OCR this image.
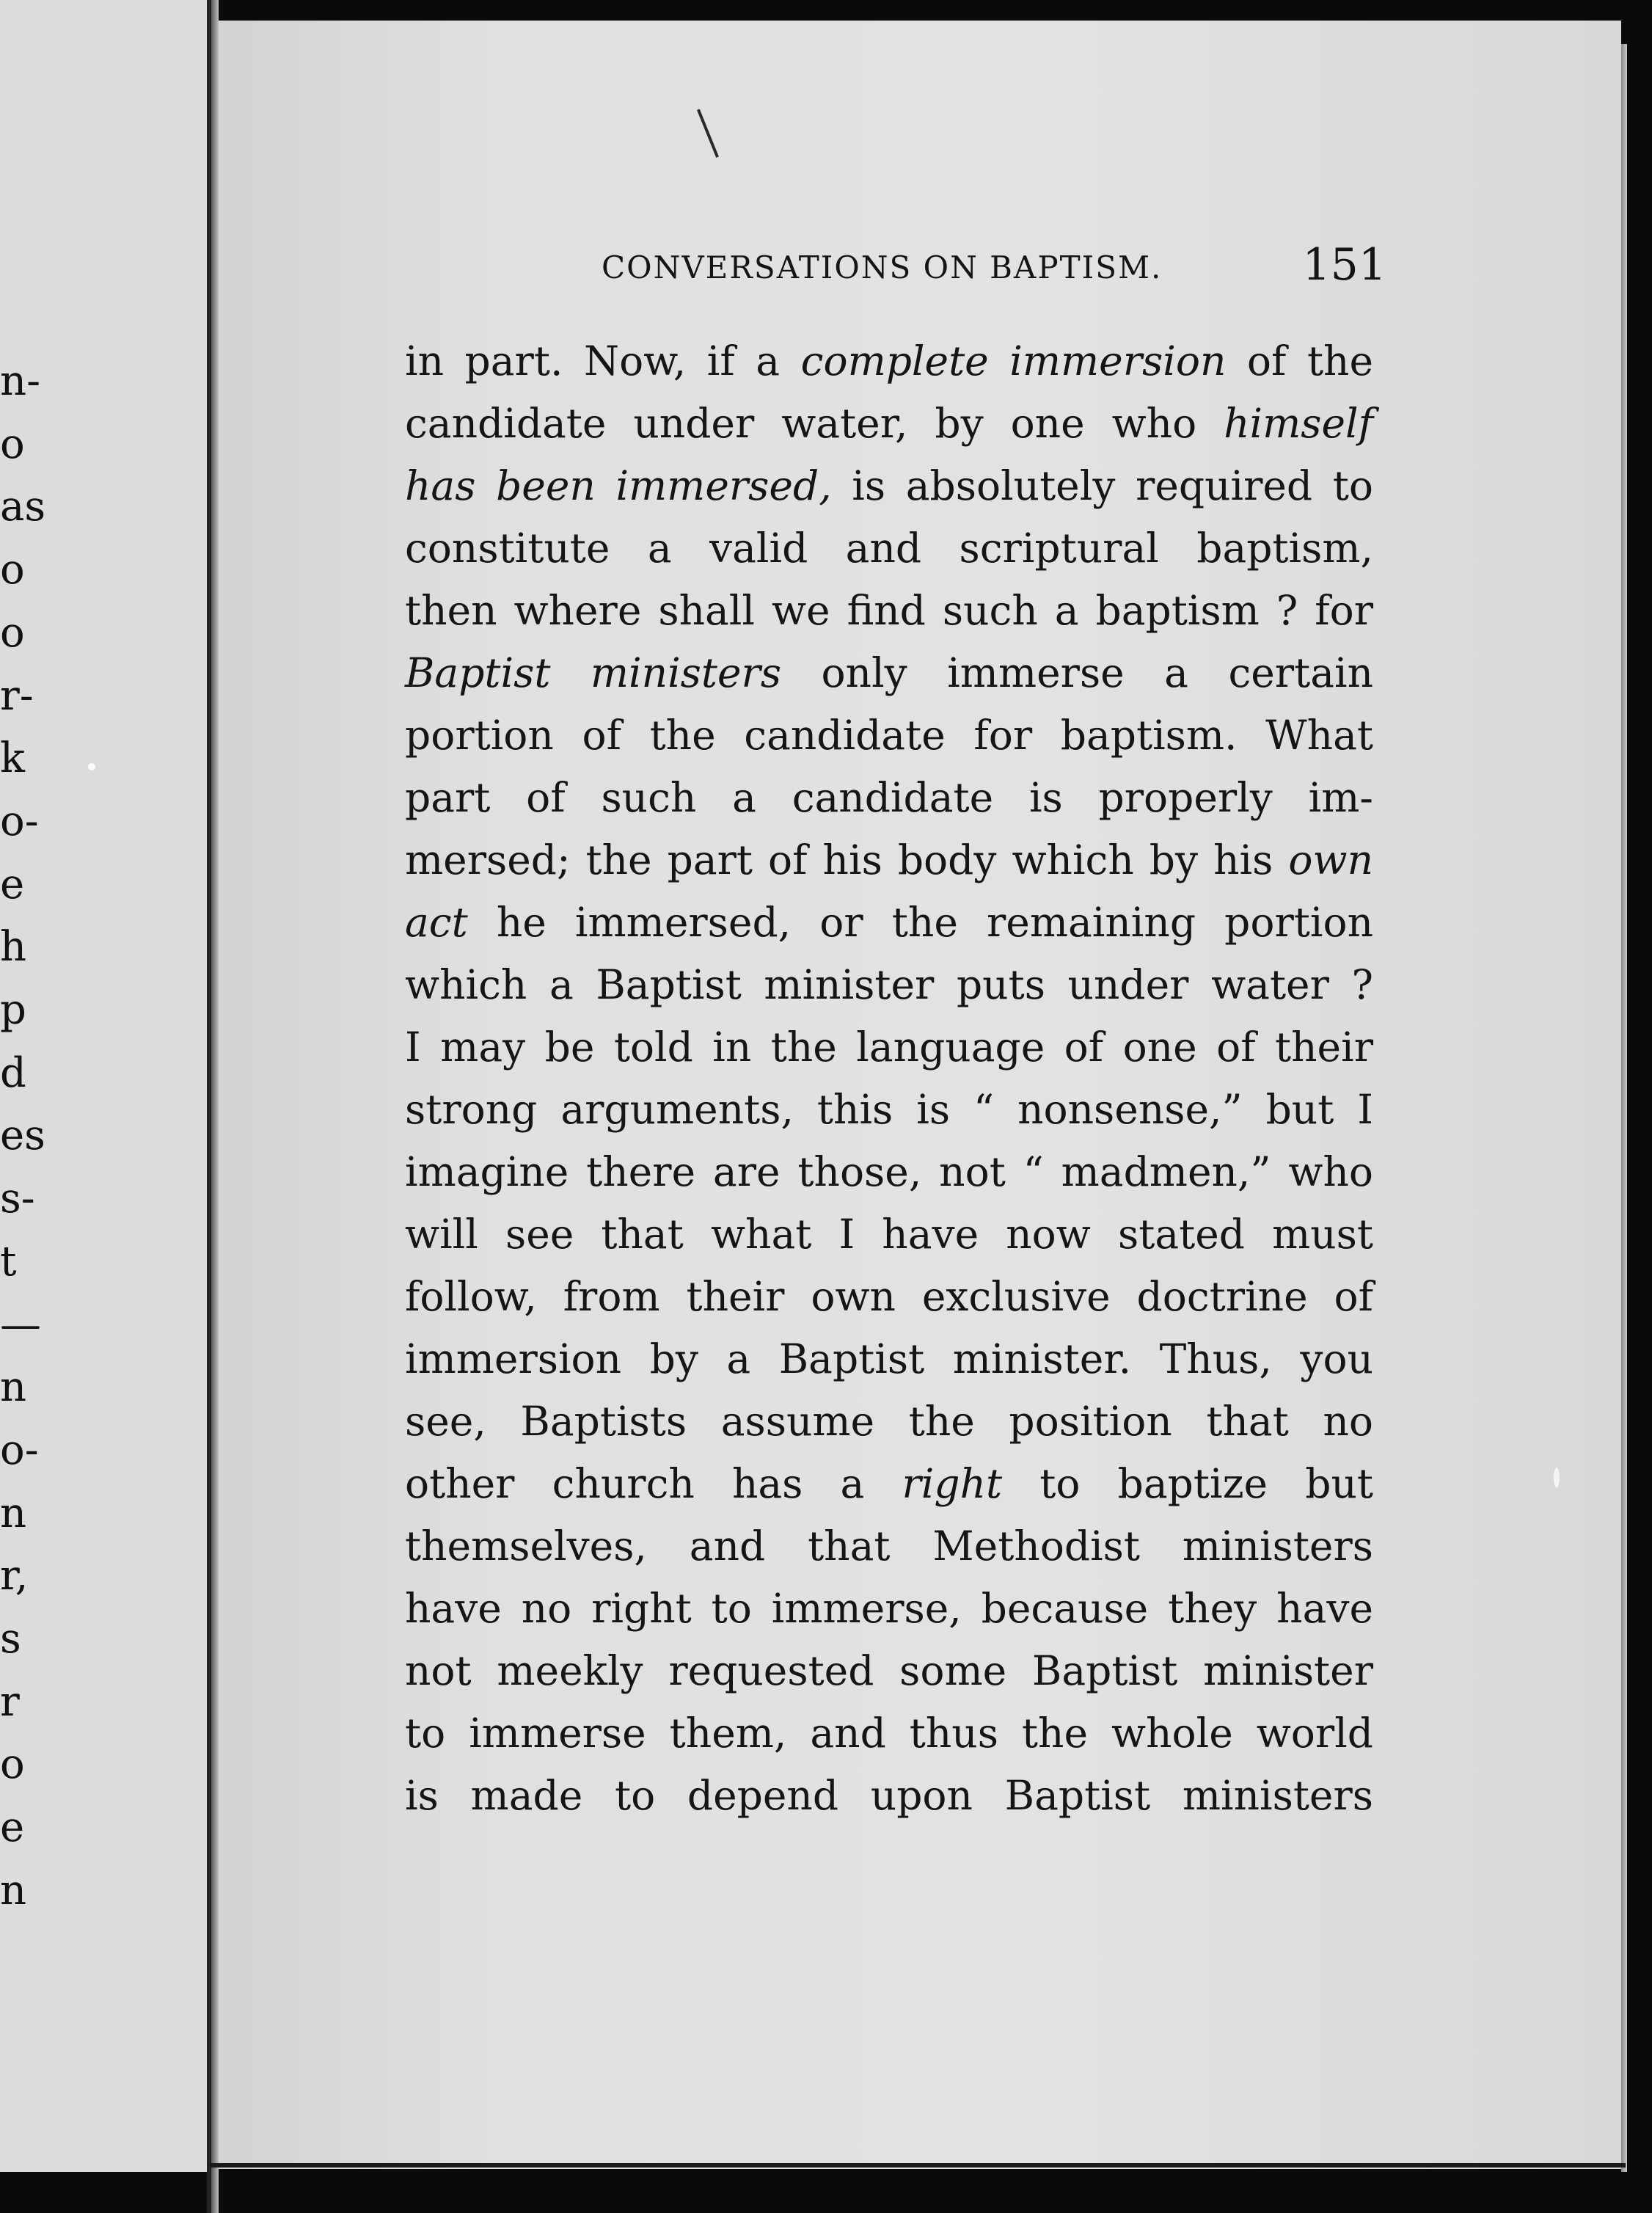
n-
o
as
o
o
r-
k
o-
e
h
p
d
es
s-
t
—
n
o-
n
r,
s
r
o
e
n
CONVERSATIONS ON BAPTISM.	151
in part. Now, if a complete immersion of the
candidate under water, by one who himself
has been immersed, is absolutely required to
constitute a valid and scriptural baptism,
then where shall we find such a baptism ? for
Baptist ministers only immerse a certain
portion of the candidate for baptism. What
part of such a candidate is properly im-
mersed; the part of his body which by his own
act he immersed, or the remaining portion
which a Baptist minister puts under water ?
I may be told in the language of one of their
strong arguments, this is “ nonsense,” but I
imagine there are those, not “ madmen,” who
will see that what I have now stated must
follow, from their own exclusive doctrine of
immersion by a Baptist minister. Thus, you
see, Baptists assume the position that no
other church has a right to baptize but
themselves, and that Methodist ministers
have no right to immerse, because they have
not meekly requested some Baptist minister
to immerse them, and thus the whole world
is made to depend upon Baptist ministers
